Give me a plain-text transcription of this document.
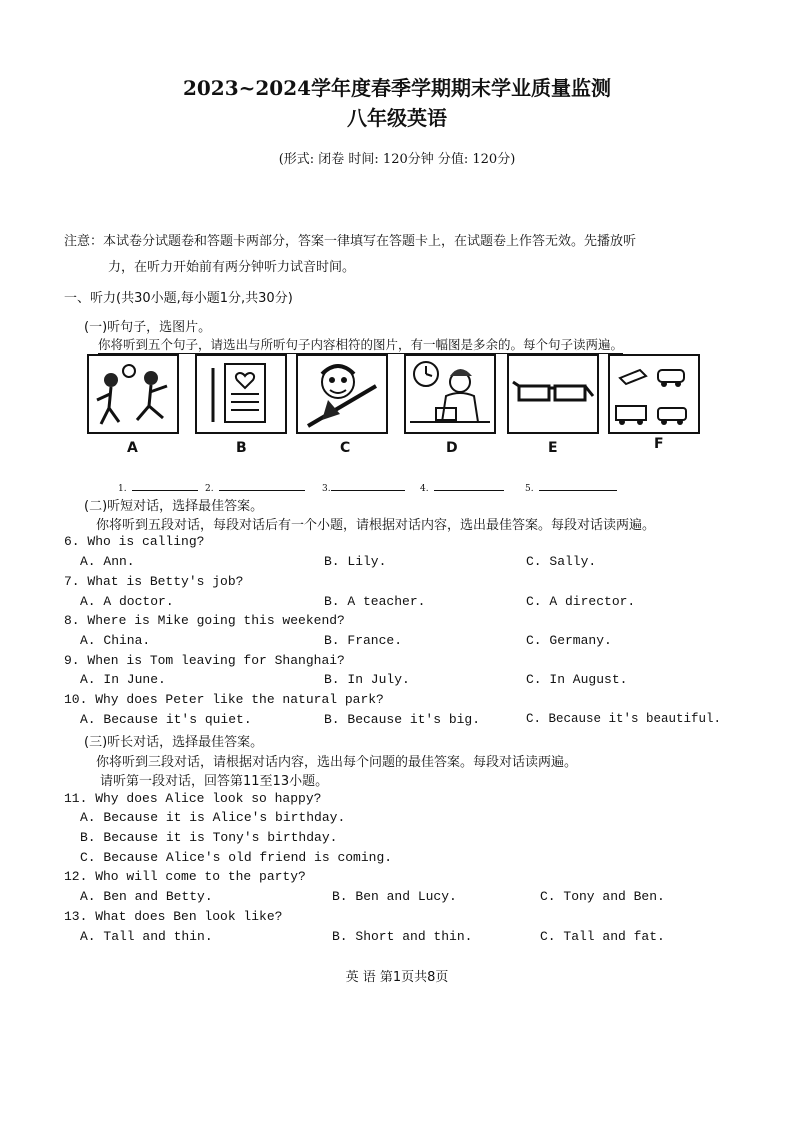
2023~2024学年度春季学期期末学业质量监测
八年级英语
(形式: 闭卷 时间: 120分钟 分值: 120分)
注意：本试卷分试题卷和答题卡两部分，答案一律填写在答题卡上，在试题卷上作答无效。先播放听
力，在听力开始前有两分钟听力试音时间。
一、听力(共30小题,每小题1分,共30分)
(一)听句子，选图片。
你将听到五个句子，请选出与所听句子内容相符的图片，有一幅图是多余的。每个句子读两遍。
A	B	C	D	E	F
1.	2.	3.	4.	5.
(二)听短对话，选择最佳答案。
你将听到五段对话，每段对话后有一个小题，请根据对话内容，选出最佳答案。每段对话读两遍。
6. Who is calling?
A. Ann.	B. Lily.	C. Sally.
7. What is Betty's job?
A. A doctor.	B. A teacher.	C. A director.
8. Where is Mike going this weekend?
A. China.	B. France.	C. Germany.
9. When is Tom leaving for Shanghai?
A. In June.	B. In July.	C. In August.
10. Why does Peter like the natural park?
A. Because it's quiet.	B. Because it's big.	C. Because it's beautiful.
(三)听长对话，选择最佳答案。
你将听到三段对话，请根据对话内容，选出每个问题的最佳答案。每段对话读两遍。
请听第一段对话，回答第11至13小题。
11. Why does Alice look so happy?
A. Because it is Alice's birthday.
B. Because it is Tony's birthday.
C. Because Alice's old friend is coming.
12. Who will come to the party?
A. Ben and Betty.	B. Ben and Lucy.	C. Tony and Ben.
13. What does Ben look like?
A. Tall and thin.	B. Short and thin.	C. Tall and fat.
英 语 第1页共8页
